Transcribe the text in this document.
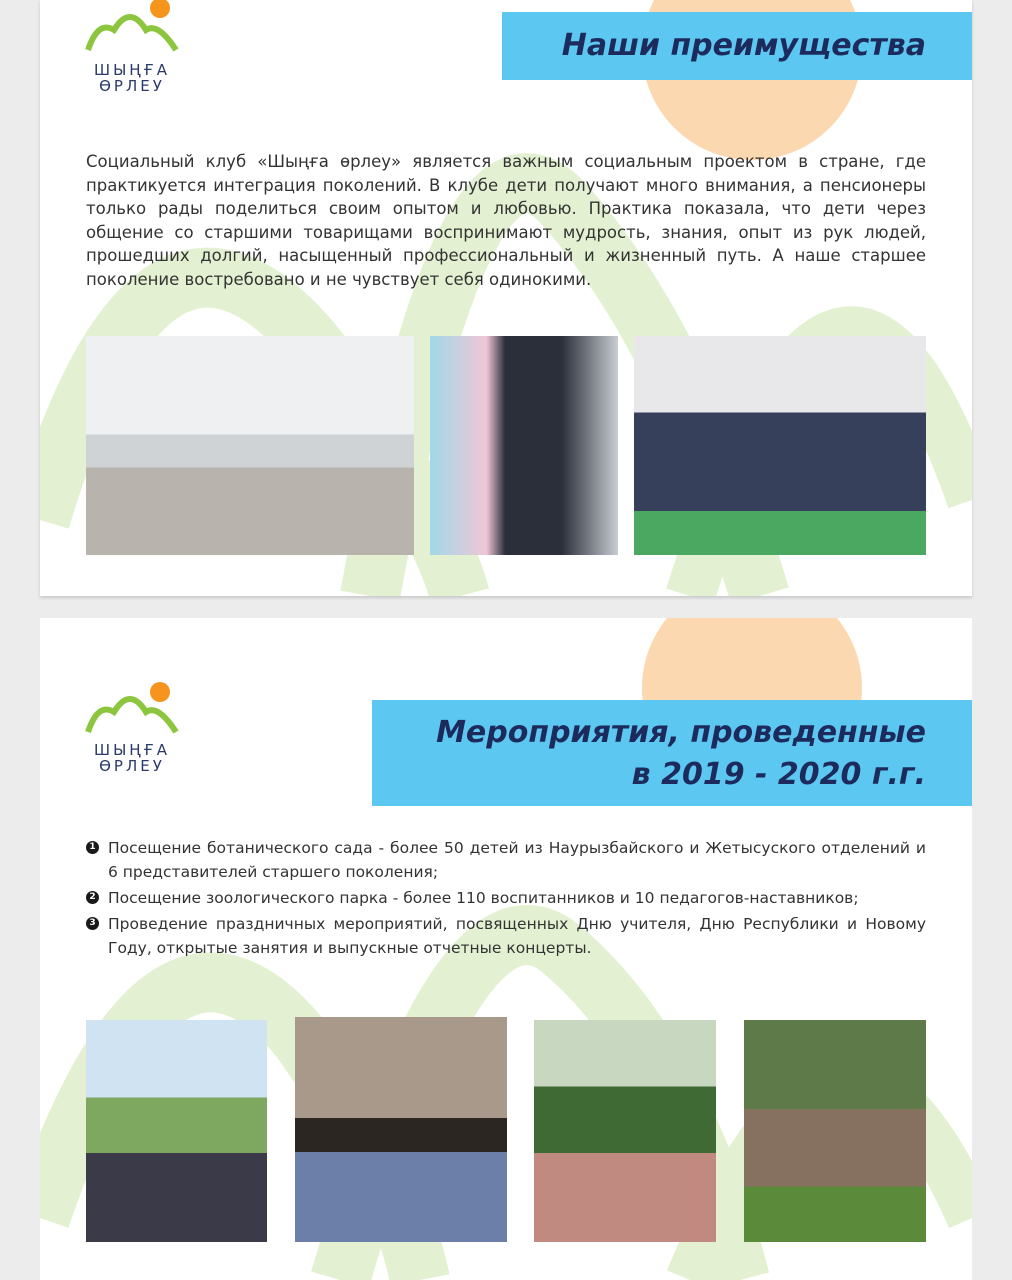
ШЫҢҒА
ӨРЛЕУ
Наши преимущества
Социальный клуб «Шыңға өрлеу» является важным социальным проектом в стране, где практикуется интеграция поколений. В клубе дети получают много внимания, а пенсионеры только рады поделиться своим опытом и любовью. Практика показала, что дети через общение со старшими товарищами воспринимают мудрость, знания, опыт из рук людей, прошедших долгий, насыщенный профессиональный и жизненный путь. А наше старшее поколение востребовано и не чувствует себя одинокими.
ШЫҢҒА
ӨРЛЕУ
Мероприятия, проведенные
в 2019 - 2020 г.г.
1 Посещение ботанического сада - более 50 детей из Наурызбайского и Жетысуского отделений и 6 представителей старшего поколения;
2 Посещение зоологического парка - более 110 воспитанников и 10 педагогов-наставников;
3 Проведение праздничных мероприятий, посвященных Дню учителя, Дню Республики и Новому Году, открытые занятия и выпускные отчетные концерты.
